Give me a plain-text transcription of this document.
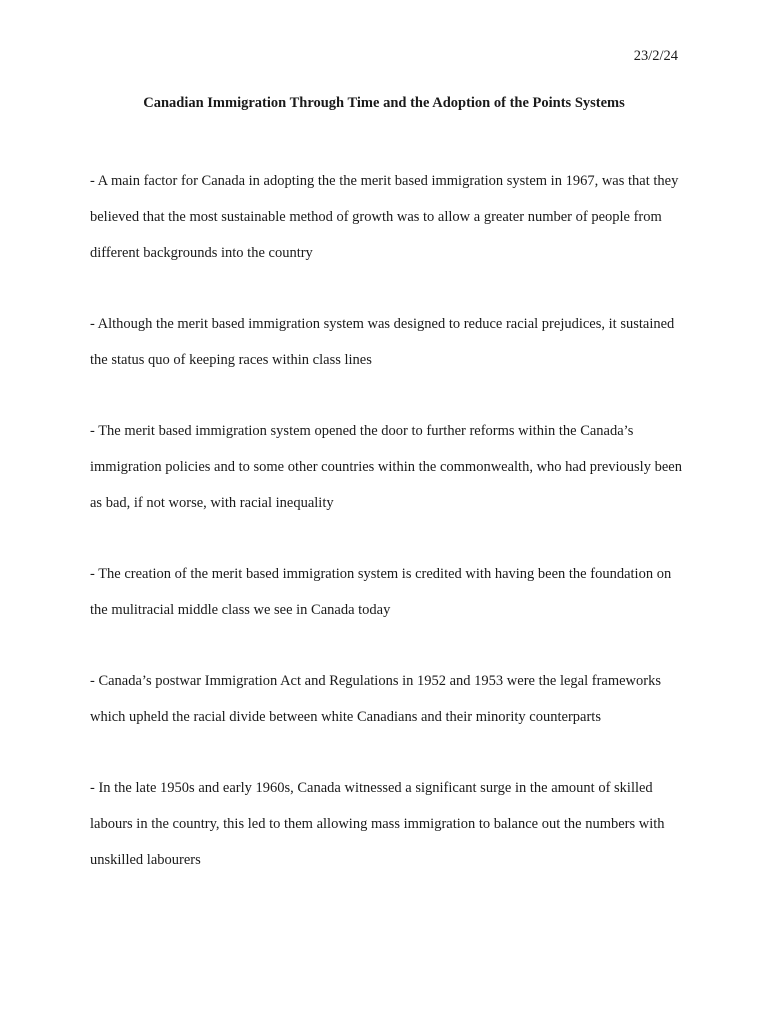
23/2/24
Canadian Immigration Through Time and the Adoption of the Points Systems
- A main factor for Canada in adopting the the merit based immigration system in 1967, was that they believed that the most sustainable method of growth was to allow a greater number of people from different backgrounds into the country
- Although the merit based immigration system was designed to reduce racial prejudices, it sustained the status quo of keeping races within class lines
- The merit based immigration system opened the door to further reforms within the Canada’s immigration policies and to some other countries within the commonwealth, who had previously been as bad, if not worse, with racial inequality
- The creation of the merit based immigration system is credited with having been the foundation on the mulitracial middle class we see in Canada today
- Canada’s postwar Immigration Act and Regulations in 1952 and 1953 were the legal frameworks which upheld the racial divide between white Canadians and their minority counterparts
- In the late 1950s and early 1960s, Canada witnessed a significant surge in the amount of skilled labours in the country, this led to them allowing mass immigration to balance out the numbers with unskilled labourers
